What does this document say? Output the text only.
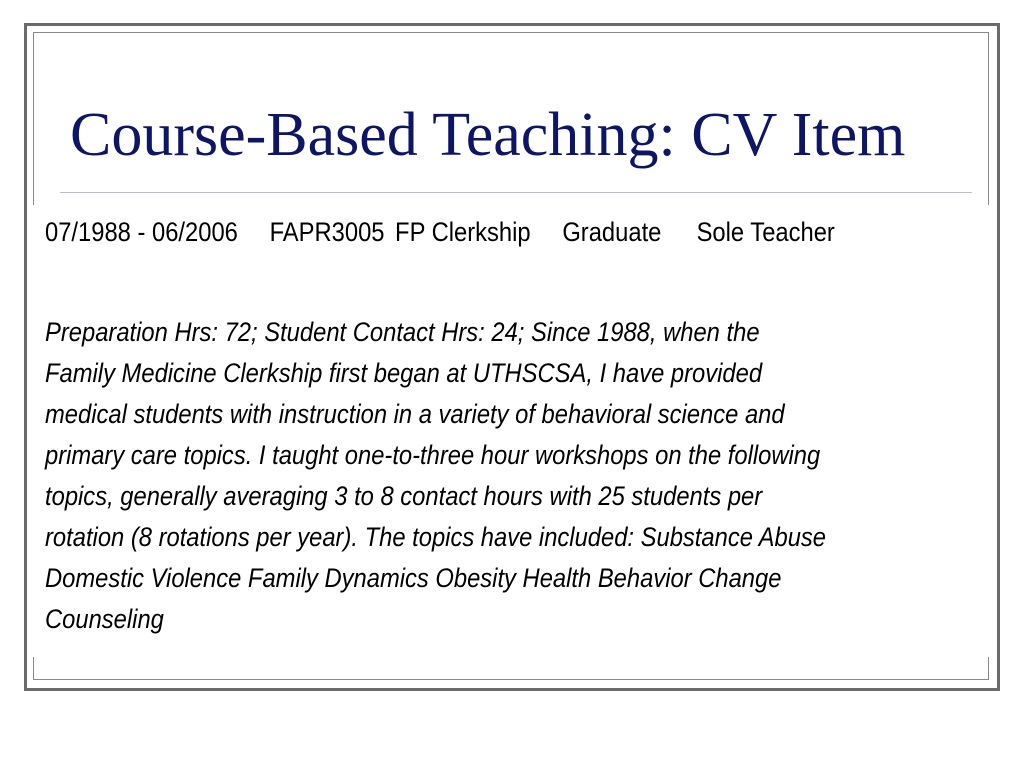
Course-Based Teaching: CV Item
07/1988 - 06/2006 FAPR3005 FP Clerkship Graduate Sole Teacher

Preparation Hrs: 72; Student Contact Hrs: 24; Since 1988, when the
Family Medicine Clerkship first began at UTHSCSA, I have provided
medical students with instruction in a variety of behavioral science and
primary care topics. I taught one-to-three hour workshops on the following
topics, generally averaging 3 to 8 contact hours with 25 students per
rotation (8 rotations per year). The topics have included: Substance Abuse
Domestic Violence Family Dynamics Obesity Health Behavior Change
Counseling
